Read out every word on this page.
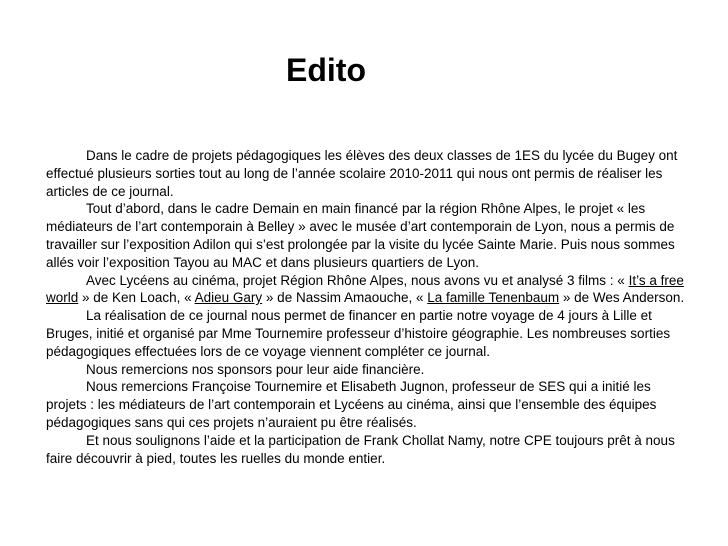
Edito

Dans le cadre de projets pédagogiques les élèves des deux classes de 1ES du lycée du Bugey ont effectué plusieurs sorties tout au long de l’année scolaire 2010-2011 qui nous ont permis de réaliser les articles de ce journal.

Tout d’abord, dans le cadre Demain en main financé par la région Rhône Alpes, le projet « les médiateurs de l’art contemporain à Belley » avec le musée d’art contemporain de Lyon, nous a permis de travailler sur l’exposition Adilon qui s’est prolongée par la visite du lycée Sainte Marie. Puis nous sommes allés voir l’exposition Tayou au MAC et dans plusieurs quartiers de Lyon.

Avec Lycéens au cinéma, projet Région Rhône Alpes, nous avons vu et analysé 3 films : « It’s a free world » de Ken Loach, « Adieu Gary » de Nassim Amaouche, « La famille Tenenbaum » de Wes Anderson.

La réalisation de ce journal nous permet de financer en partie notre voyage de 4 jours à Lille et Bruges, initié et organisé par Mme Tournemire professeur d’histoire géographie. Les nombreuses sorties pédagogiques effectuées lors de ce voyage viennent compléter ce journal.

Nous remercions nos sponsors pour leur aide financière.

Nous remercions Françoise Tournemire et Elisabeth Jugnon, professeur de SES qui a initié les projets : les médiateurs de l’art contemporain et Lycéens au cinéma, ainsi que l’ensemble des équipes pédagogiques sans qui ces projets n’auraient pu être réalisés.

Et nous soulignons l’aide et la participation de Frank Chollat Namy, notre CPE toujours prêt à nous faire découvrir à pied, toutes les ruelles du monde entier.
